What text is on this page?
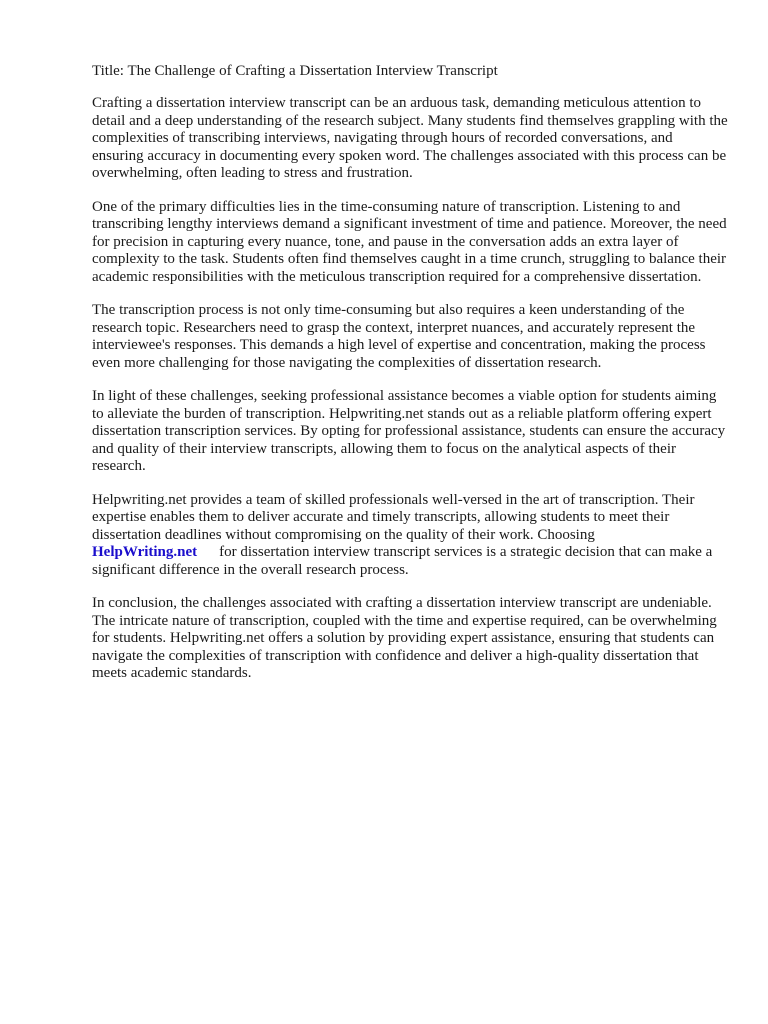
Title: The Challenge of Crafting a Dissertation Interview Transcript

Crafting a dissertation interview transcript can be an arduous task, demanding meticulous attention to detail and a deep understanding of the research subject. Many students find themselves grappling with the complexities of transcribing interviews, navigating through hours of recorded conversations, and ensuring accuracy in documenting every spoken word. The challenges associated with this process can be overwhelming, often leading to stress and frustration.

One of the primary difficulties lies in the time-consuming nature of transcription. Listening to and transcribing lengthy interviews demand a significant investment of time and patience. Moreover, the need for precision in capturing every nuance, tone, and pause in the conversation adds an extra layer of complexity to the task. Students often find themselves caught in a time crunch, struggling to balance their academic responsibilities with the meticulous transcription required for a comprehensive dissertation.

The transcription process is not only time-consuming but also requires a keen understanding of the research topic. Researchers need to grasp the context, interpret nuances, and accurately represent the interviewee's responses. This demands a high level of expertise and concentration, making the process even more challenging for those navigating the complexities of dissertation research.

In light of these challenges, seeking professional assistance becomes a viable option for students aiming to alleviate the burden of transcription. Helpwriting.net stands out as a reliable platform offering expert dissertation transcription services. By opting for professional assistance, students can ensure the accuracy and quality of their interview transcripts, allowing them to focus on the analytical aspects of their research.

Helpwriting.net provides a team of skilled professionals well-versed in the art of transcription. Their expertise enables them to deliver accurate and timely transcripts, allowing students to meet their dissertation deadlines without compromising on the quality of their work. Choosing
HelpWriting.net for dissertation interview transcript services is a strategic decision that can make a significant difference in the overall research process.

In conclusion, the challenges associated with crafting a dissertation interview transcript are undeniable. The intricate nature of transcription, coupled with the time and expertise required, can be overwhelming for students. Helpwriting.net offers a solution by providing expert assistance, ensuring that students can navigate the complexities of transcription with confidence and deliver a high-quality dissertation that meets academic standards.
